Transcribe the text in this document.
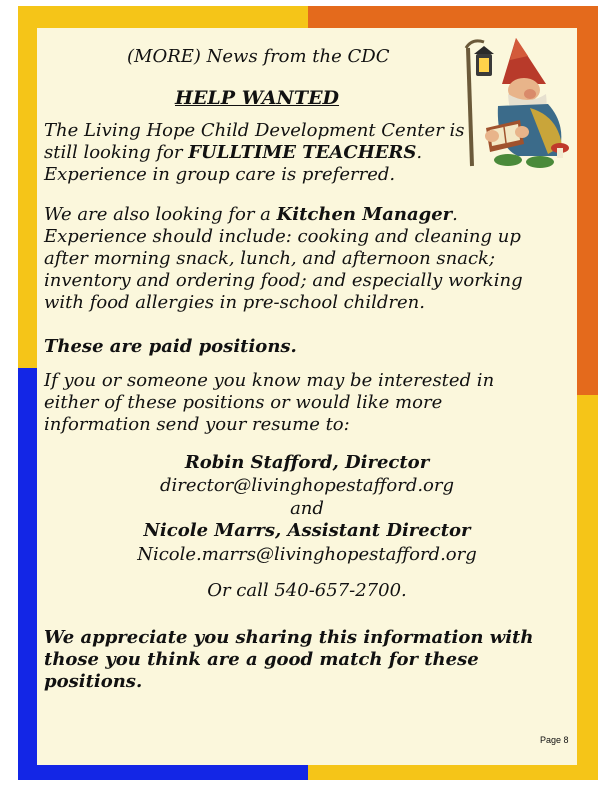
(MORE) News from the CDC

HELP WANTED

The Living Hope Child Development Center is still looking for FULLTIME TEACHERS. Experience in group care is preferred.

We are also looking for a Kitchen Manager. Experience should include: cooking and cleaning up after morning snack, lunch, and afternoon snack; inventory and ordering food; and especially working with food allergies in pre-school children.

These are paid positions.

If you or someone you know may be interested in either of these positions or would like more information send your resume to:

Robin Stafford, Director

director@livinghopestafford.org

and

Nicole Marrs, Assistant Director

Nicole.marrs@livinghopestafford.org

Or call 540-657-2700.

We appreciate you sharing this information with those you think are a good match for these positions.

Page 8
